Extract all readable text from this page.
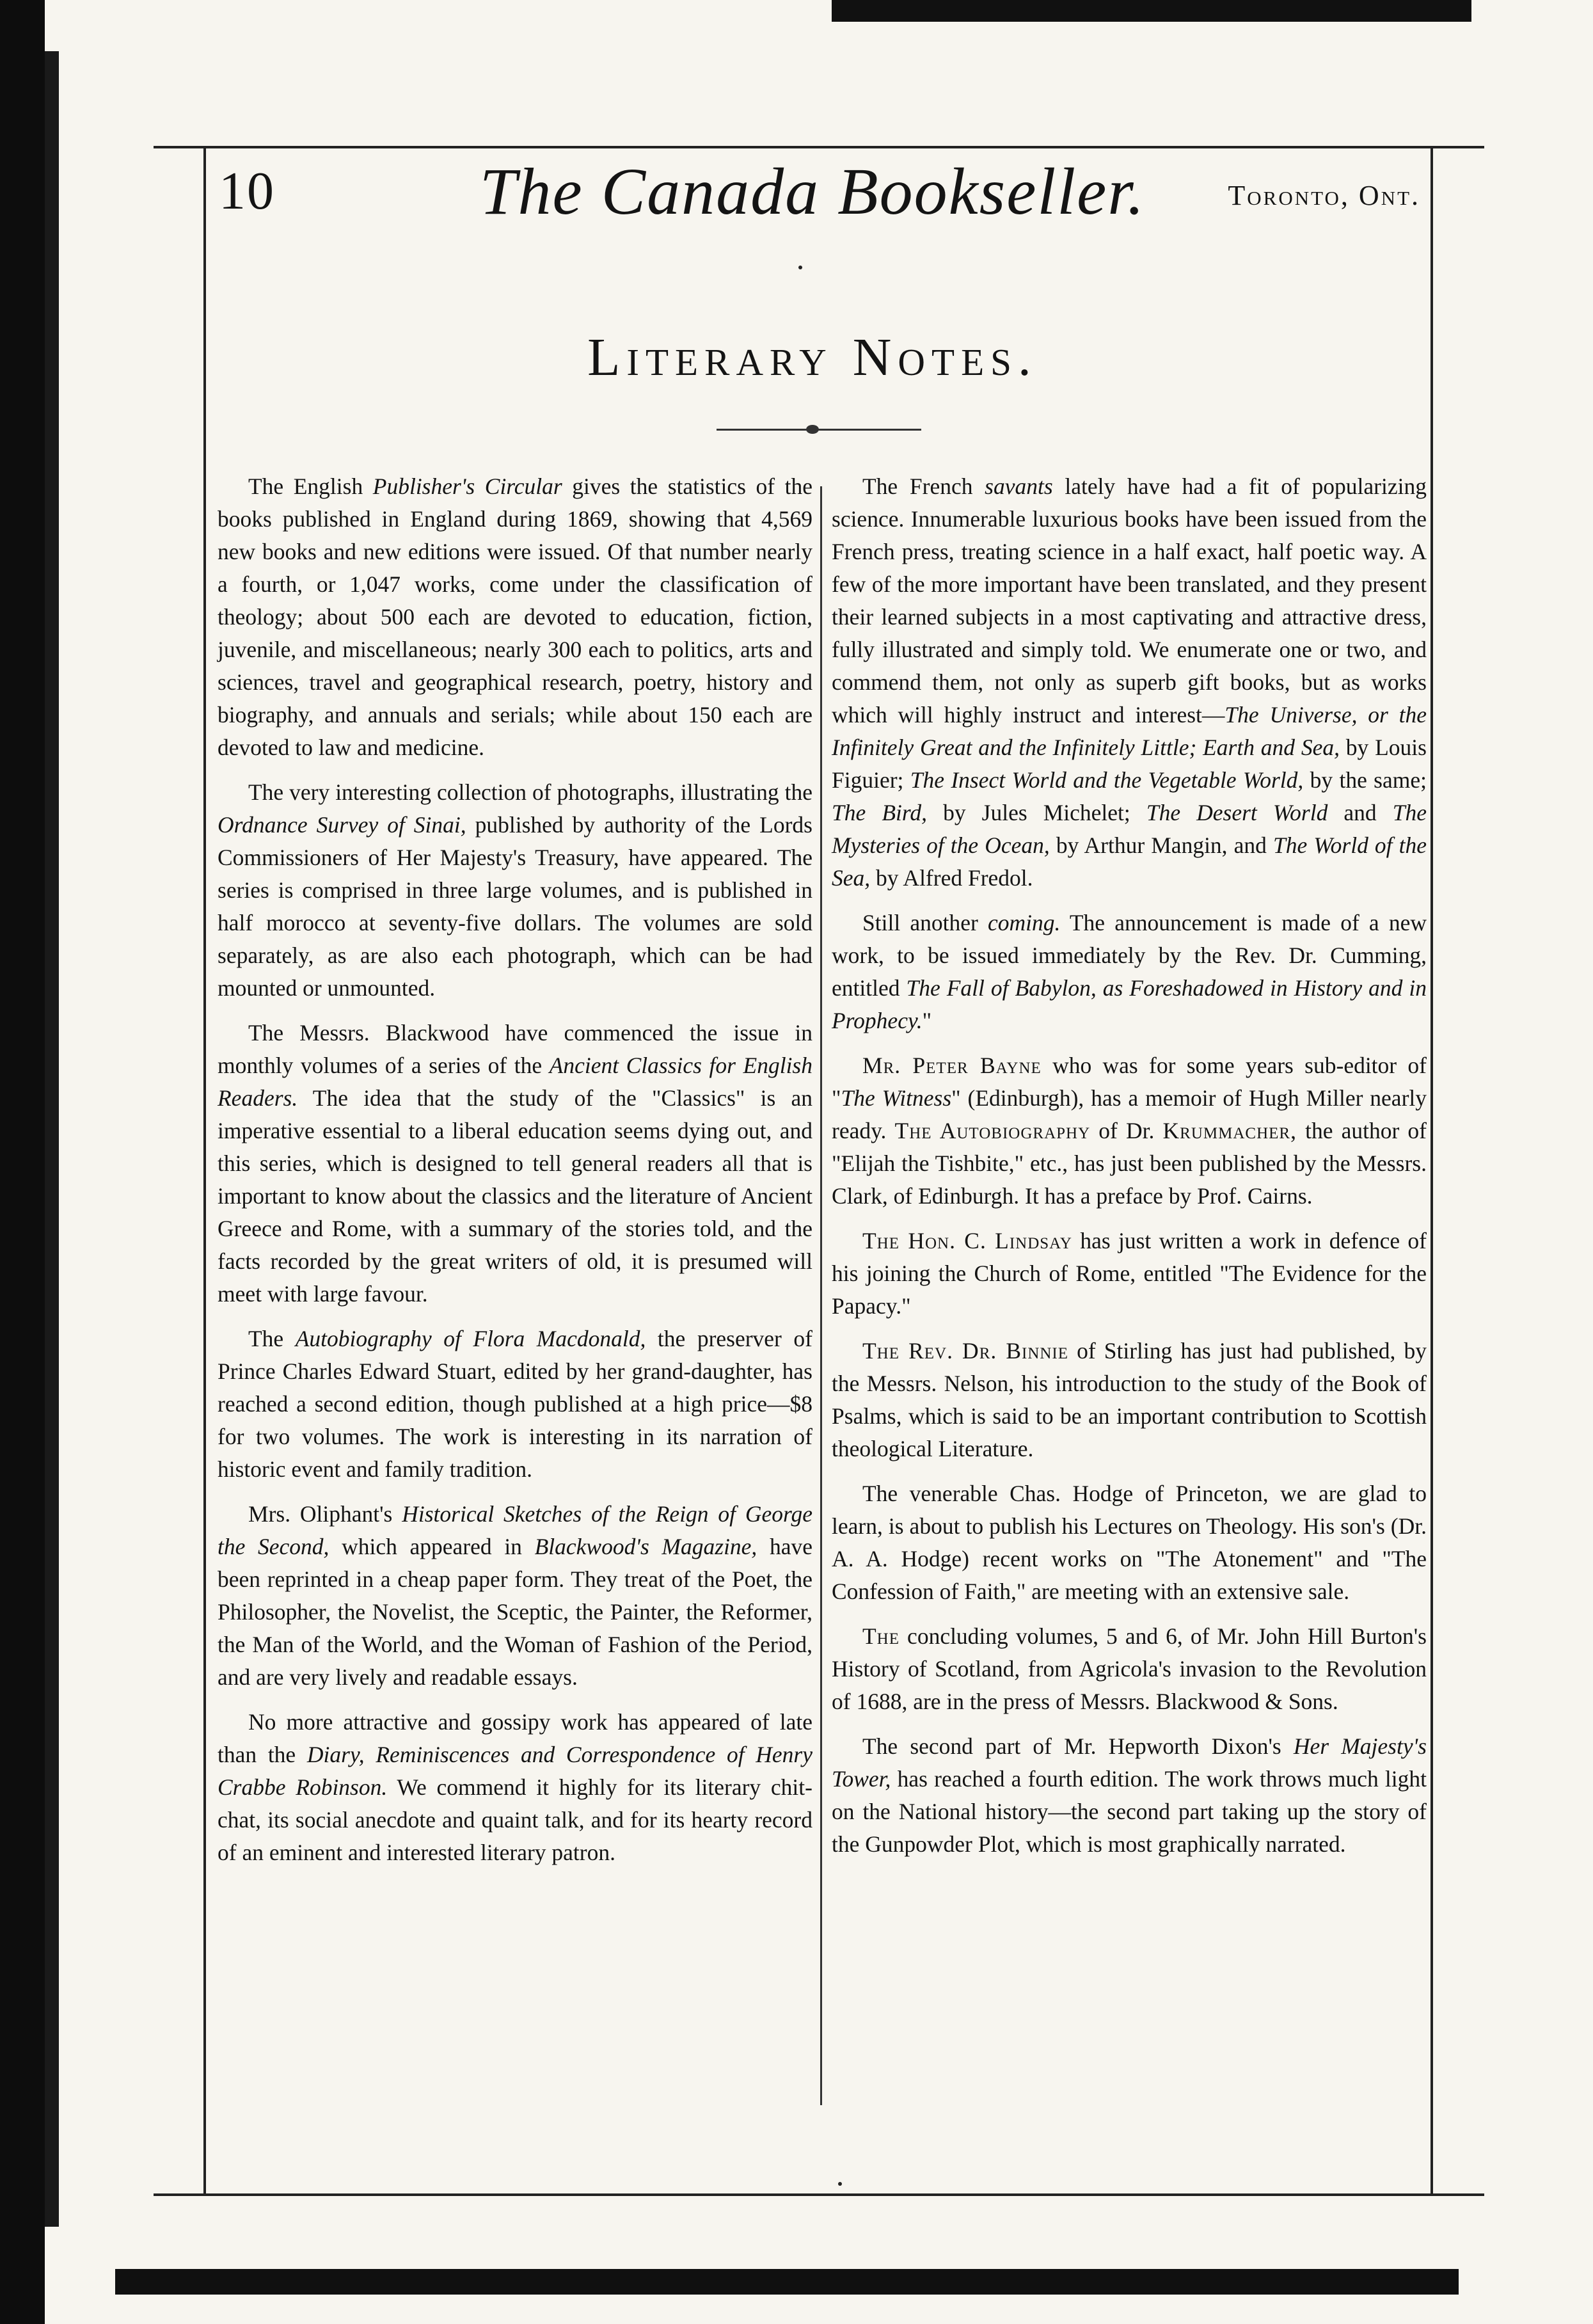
10	The Canada Bookseller.	Toronto, Ont.
Literary Notes.

The English Publisher's Circular gives the statistics of the books published in England during 1869, showing that 4,569 new books and new editions were issued. Of that number nearly a fourth, or 1,047 works, come under the classification of theology; about 500 each are devoted to education, fiction, juvenile, and miscellaneous; nearly 300 each to politics, arts and sciences, travel and geographical research, poetry, history and biography, and annuals and serials; while about 150 each are devoted to law and medicine.

The very interesting collection of photographs, illustrating the Ordnance Survey of Sinai, published by authority of the Lords Commissioners of Her Majesty's Treasury, have appeared. The series is comprised in three large volumes, and is published in half morocco at seventy-five dollars. The volumes are sold separately, as are also each photograph, which can be had mounted or unmounted.

The Messrs. Blackwood have commenced the issue in monthly volumes of a series of the Ancient Classics for English Readers. The idea that the study of the "Classics" is an imperative essential to a liberal education seems dying out, and this series, which is designed to tell general readers all that is important to know about the classics and the literature of Ancient Greece and Rome, with a summary of the stories told, and the facts recorded by the great writers of old, it is presumed will meet with large favour.

The Autobiography of Flora Macdonald, the preserver of Prince Charles Edward Stuart, edited by her grand-daughter, has reached a second edition, though published at a high price—$8 for two volumes. The work is interesting in its narration of historic event and family tradition.

Mrs. Oliphant's Historical Sketches of the Reign of George the Second, which appeared in Blackwood's Magazine, have been reprinted in a cheap paper form. They treat of the Poet, the Philosopher, the Novelist, the Sceptic, the Painter, the Reformer, the Man of the World, and the Woman of Fashion of the Period, and are very lively and readable essays.

No more attractive and gossipy work has appeared of late than the Diary, Reminiscences and Correspondence of Henry Crabbe Robinson. We commend it highly for its literary chit-chat, its social anecdote and quaint talk, and for its hearty record of an eminent and interested literary patron.

The French savants lately have had a fit of popularizing science. Innumerable luxurious books have been issued from the French press, treating science in a half exact, half poetic way. A few of the more important have been translated, and they present their learned subjects in a most captivating and attractive dress, fully illustrated and simply told. We enumerate one or two, and commend them, not only as superb gift books, but as works which will highly instruct and interest—The Universe, or the Infinitely Great and the Infinitely Little; Earth and Sea, by Louis Figuier; The Insect World and the Vegetable World, by the same; The Bird, by Jules Michelet; The Desert World and The Mysteries of the Ocean, by Arthur Mangin, and The World of the Sea, by Alfred Fredol.

Still another coming. The announcement is made of a new work, to be issued immediately by the Rev. Dr. Cumming, entitled The Fall of Babylon, as Foreshadowed in History and in Prophecy."

Mr. Peter Bayne who was for some years sub-editor of "The Witness" (Edinburgh), has a memoir of Hugh Miller nearly ready. The Autobiography of Dr. Krummacher, the author of "Elijah the Tishbite," etc., has just been published by the Messrs. Clark, of Edinburgh. It has a preface by Prof. Cairns.

The Hon. C. Lindsay has just written a work in defence of his joining the Church of Rome, entitled "The Evidence for the Papacy."

The Rev. Dr. Binnie of Stirling has just had published, by the Messrs. Nelson, his introduction to the study of the Book of Psalms, which is said to be an important contribution to Scottish theological Literature.

The venerable Chas. Hodge of Princeton, we are glad to learn, is about to publish his Lectures on Theology. His son's (Dr. A. A. Hodge) recent works on "The Atonement" and "The Confession of Faith," are meeting with an extensive sale.

The concluding volumes, 5 and 6, of Mr. John Hill Burton's History of Scotland, from Agricola's invasion to the Revolution of 1688, are in the press of Messrs. Blackwood & Sons.

The second part of Mr. Hepworth Dixon's Her Majesty's Tower, has reached a fourth edition. The work throws much light on the National history—the second part taking up the story of the Gunpowder Plot, which is most graphically narrated.
